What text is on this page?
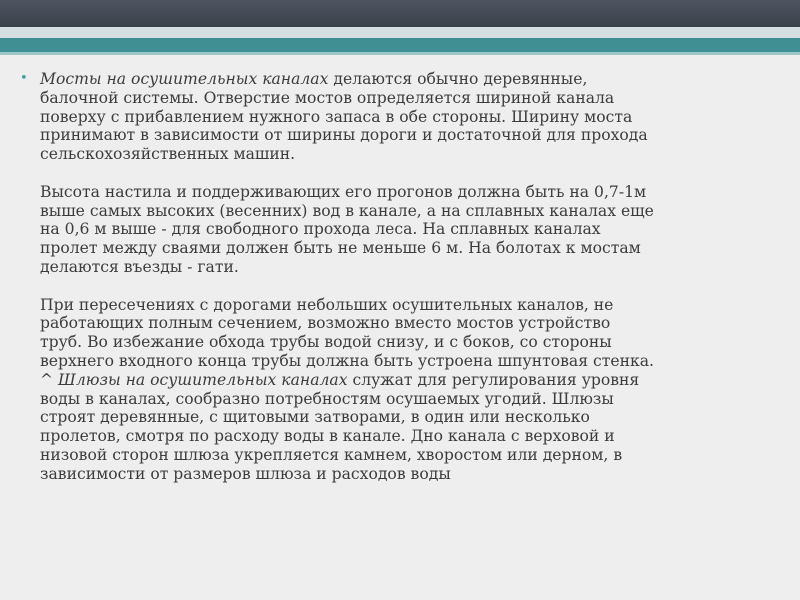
• Мосты на осушительных каналах делаются обычно деревянные,
балочной системы. Отверстие мостов определяется шириной канала
поверху с прибавлением нужного запаса в обе стороны. Ширину моста
принимают в зависимости от ширины дороги и достаточной для прохода
сельскохозяйственных машин.
Высота настила и поддерживающих его прогонов должна быть на 0,7-1м
выше самых высоких (весенних) вод в канале, а на сплавных каналах еще
на 0,6 м выше - для свободного прохода леса. На сплавных каналах
пролет между сваями должен быть не меньше 6 м. На болотах к мостам
делаются въезды - гати.
При пересечениях с дорогами небольших осушительных каналов, не
работающих полным сечением, возможно вместо мостов устройство
труб. Во избежание обхода трубы водой снизу, и с боков, со стороны
верхнего входного конца трубы должна быть устроена шпунтовая стенка.
^ Шлюзы на осушительных каналах служат для регулирования уровня
воды в каналах, сообразно потребностям осушаемых угодий. Шлюзы
строят деревянные, с щитовыми затворами, в один или несколько
пролетов, смотря по расходу воды в канале. Дно канала с верховой и
низовой сторон шлюза укрепляется камнем, хворостом или дерном, в
зависимости от размеров шлюза и расходов воды
